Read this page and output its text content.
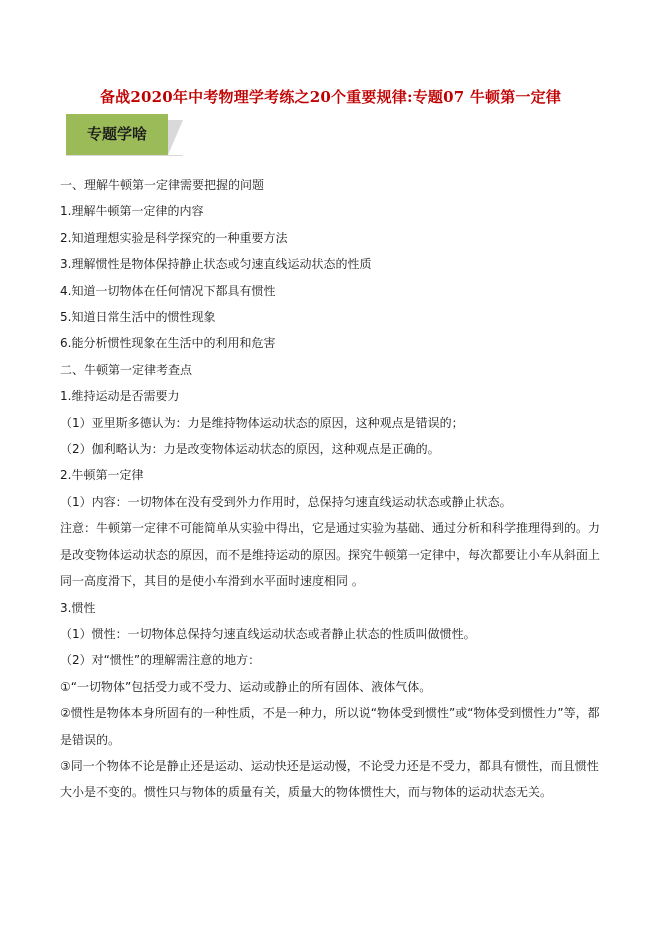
备战2020年中考物理学考练之20个重要规律:专题07 牛顿第一定律
专题学啥

一、理解牛顿第一定律需要把握的问题

1.理解牛顿第一定律的内容

2.知道理想实验是科学探究的一种重要方法

3.理解惯性是物体保持静止状态或匀速直线运动状态的性质

4.知道一切物体在任何情况下都具有惯性

5.知道日常生活中的惯性现象

6.能分析惯性现象在生活中的利用和危害

二、牛顿第一定律考查点

1.维持运动是否需要力

（1）亚里斯多德认为：力是维持物体运动状态的原因，这种观点是错误的；

（2）伽利略认为：力是改变物体运动状态的原因，这种观点是正确的。

2.牛顿第一定律

（1）内容：一切物体在没有受到外力作用时，总保持匀速直线运动状态或静止状态。

注意：牛顿第一定律不可能简单从实验中得出，它是通过实验为基础、通过分析和科学推理得到的。力是改变物体运动状态的原因，而不是维持运动的原因。探究牛顿第一定律中，每次都要让小车从斜面上同一高度滑下，其目的是使小车滑到水平面时速度相同 。

3.惯性

（1）惯性：一切物体总保持匀速直线运动状态或者静止状态的性质叫做惯性。

（2）对“惯性”的理解需注意的地方：

①“一切物体”包括受力或不受力、运动或静止的所有固体、液体气体。

②惯性是物体本身所固有的一种性质，不是一种力，所以说“物体受到惯性”或“物体受到惯性力”等，都是错误的。

③同一个物体不论是静止还是运动、运动快还是运动慢，不论受力还是不受力，都具有惯性，而且惯性大小是不变的。惯性只与物体的质量有关，质量大的物体惯性大，而与物体的运动状态无关。
